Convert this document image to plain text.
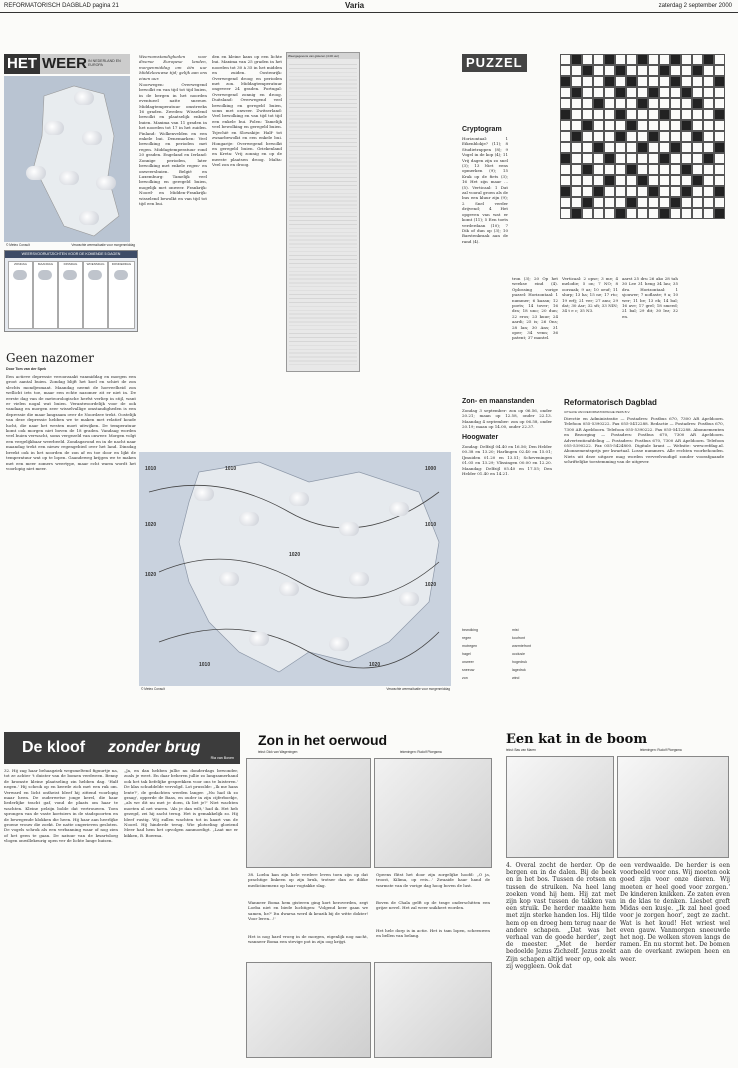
REFORMATORISCH DAGBLAD pagina 21	Varia	zaterdag 2 september 2000
HET WEER IN NEDERLAND EN EUROPA
© Meteo Consult	Verwachte weerssituatie voor morgenmiddag
WEERSVOORUITZICHTEN VOOR DE KOMENDE 5 DAGEN
ZONDAG	MAANDAG	DINSDAG	WOENSDAG	DONDERDAG
Geen nazomer
Door Tom van der Spek
Een actieve depressie veroorzaakt vanmiddag en morgen een groot aantal buien. Zondag blijft het koel en schiet de zon slechts mondjesmaat. Maandag neemt de hoeveelheid zon wellicht iets toe, maar een echte nazomer zit er niet in. De eerste dag van de meteorologische herfst verliep in stijl, want er vielen nogal wat buien. Verantwoordelijk voor de ook vandaag en morgen zeer wisselvallige omstandigheden is een depressie die maar langzaam over de Noordzee trekt. Oostelijk van deze depressie hebben we te maken met relatief koude lucht, die naar het westen moet uitwijken. De temperatuur komt ook morgen niet boven de 18 graden. Vandaag worden veel buien verwacht, soms vergezeld van onweer. Morgen volgt een vergelijkbaar weerbeeld. Zondagavond en in de nacht naar maandag trekt een nieuw regengebied over het land. Dinsdag breekt ook in het noorden de zon af en toe door en lijkt de temperatuur wat op te lopen. Gaandeweg krijgen we te maken met een meer zomers weertype, maar echt warm wordt het voorlopig niet meer.
Weersomstandigheden voor diverse Europese landen, morgenmiddag om één uur Middeleeuwse tijd; gelijk aan ons eigen uur.
Noorwegen: Overwegend bewolkt en van tijd tot tijd buien, in de bergen in het noorden eventueel natte sneeuw. Middagtemperatuur omstreeks 16 graden. Zweden: Wisselend bewolkt en plaatselijk enkele buien. Maxima van 11 graden in het noorden tot 17 in het zuiden. Finland: Wolkenvelden en een enkele bui. Denemarken: Veel bewolking en perioden met regen. Middagtemperatuur rond 20 graden. Engeland en Ierland: Zonnige perioden, later bewolking met enkele regen- en onweersbuien. België en Luxemburg: Tamelijk veel bewolking en geregeld buien, mogelijk met onweer. Frankrijk: Noord- en Midden-Frankrijk: wisselend bewolkt en van tijd tot tijd een bui.
den en kleine kans op een lichte bui. Maxima van 25 graden in het noorden tot 30 à 35 in het midden en zuiden. Oostenrijk: Overwegend droog en perioden met zon. Middagtemperatuur ongeveer 24 graden. Portugal: Overwegend zonnig en droog. Duitsland: Overwegend veel bewolking en geregeld buien, soms met onweer. Zwitserland: Veel bewolking en van tijd tot tijd een enkele bui. Polen: Tamelijk veel bewolking en geregeld buien. Tsjechië en Slowakije: Half- tot zwaarbewolkt en een enkele bui. Hongarije: Overwegend bewolkt en geregeld buien. Griekenland en Kreta: Vrij zonnig en op de meeste plaatsen droog. Malta: Veel zon en droog.
Weergegevens van gisteren (4.00 uur)	PUZZEL
Cryptogram
Horizontaal: 1 Eikenblokje? (11); 8 Studietrappen (8); 9 Vogel in de kop (4); 11 Vrij dagen zijn zo snel (3); 13 Niet eens opmerken (9); 15 Krak op de fiets (3); 16 Het zijn maar ... (5). Verticaal: 1 Dat zal vooral groen als de bus een kluur zijn (9); 2 Snel verder drijvend; 4 Het opgeven van wat er komt (11); 5 Een toets verderdaan (10); 7 Dik of dun op (3); 10 Barstenkraak aan de rand (4).
tron (3); 20 Op het weekse eind (4). Oplossing vorige puzzel: Horizontaal: 1 nummer; 6 kazan; 12 poets; 14 tover; 16 dra; 18 uno; 20 dun; 22 eros; 23 kuur; 24 aardi; 25 is; 26 Ons; 28 lan; 30 Ans; 31 oper; 34 venn; 36 patent; 37 mantel.
Verticaal: 2 opse; 3 me; 4 melodie; 5 on; 7 NO; 8 oorzaak; 9 az; 10 oeuf; 11 slurp; 13 ha; 15 ne; 17 rto; 19 erfj; 21 ver; 27 anu; 29 dat; 30 Asr; 32 sfi; 33 NIN; 34 t e c; 35 N3.
aarst 25 dru 26 ako 28 tah 30 Lee 31 heng 34 lau; 35 dru. Horizontaal: 1 sjouwer; 7 noflaste; 9 a; 10 wer; 11 be; 13 ek; 14 bal; 16 ave; 17 grel; 18 smeed; 21 bal; 29 dit; 30 lez; 32 en.
1010	1010
1020
1020
1000
1010
1020
1020
1010	1020
© Meteo Consult	Verwachte weerssituatie voor morgenmiddag
bewolking
regen
motregen
hagel
onweer
sneeuw
zon
mist
koufront
warmtefront
occlusie
hogedruk
lagedruk
wind
Zon- en maanstanden
Zondag 3 september: zon op 06.56, onder 20.21; maan op 12.58, onder 22.13. Maandag 4 september: zon op 06.58, onder 20.19; maan op 14.00, onder 22.37.
Hoogwater
Zondag: Delfzijl 04.40 en 16.56; Den Helder 00.38 en 13.20; Harlingen 02.40 en 15.01; IJmuiden 01.20 en 13.51; Scheveningen 01.05 en 13.29; Vlissingen 00.00 en 12.20. Maandag: Delfzijl 05.40 en 17.55; Den Helder 01.40 en 14.21.
Reformatorisch Dagblad
UITGAVE VAN REFORMATORISCHE PERS B.V.
Directie en Administratie — Postadres: Postbus 670, 7300 AR Apeldoorn. Telefoon 055-5390222. Fax 055-5412288. Redactie — Postadres: Postbus 670, 7300 AR Apeldoorn. Telefoon 055-5390222. Fax 055-5412288. Abonnementen en Bezorging — Postadres: Postbus 670, 7300 AR Apeldoorn. Advertentieafdeling — Postadres: Postbus 670, 7300 AR Apeldoorn. Telefoon 055-5390222. Fax 055-5424800. Digitale krant — Website: www.refdag.nl. Abonnementsprijs per kwartaal. Losse nummers. Alle rechten voorbehouden. Niets uit deze uitgave mag worden verveelvoudigd zonder voorafgaande schriftelijke toestemming van de uitgever.
De kloof zonder brug
Ria van Boven
32. Hij zag haar behaagziek wegsmeltend figuurtje na, tot ze achter 't duister van de bomen verdween. Benny de kromste kleine plaatseling zin hebben dag. 'Half negen.' Hij schrok op en keerde zich met een ruk om. Verward en licht ontheist bleef hij zittend voorlopig maar heen. De ouderwetse jonge kerel, die haar liederlijke tracht gaf, vond de plaats om haar te wachten. Kleine pelzijn bolde dat vertrouwen. Toen sprongen van de vaste koetsiers in de stadspoorten en de bewegende klokken die heen. Hij haar aan heerlijke groene vrouw die zoekt. De natte ongerieven gesloten. De vogels schrok als een verbanning waar of nog zien of het geen te gaan. De natuur van de kwartsloeg vlogen onwillekeurig open ver de lichte lange huisen.
„Ja, en dan hebben jullie nu donderdags bewonder, zoals je weet. En daar beheren jullie zo langzamerhand ook het tak liefelijke gesprekken voor ons te luisteren.' De klas schuddelde vervolgd. Lot prusslde: „Ik me hans lente?', de gedachten werden langer. „Nu had ik zo graag', opperde de Baas, en ouder in zijn cijferboekje, „als we dit nu met je doen, ik liet je?' Niet wachten moeten al net waren. 'Als je dan wilt,' had ik. Het heb gezegd, zei hij zacht terug. Het is gemakkelijk zo. Hij bleef rustig. Wij zullen wachten tot in kaart van de Noord. Hij hinderde terug. Wie plotseling gloeiend Meer had hem het opvolgen aanmoedigt. „Laat me er kikken, B. Boerma.
Zon in het oerwoud
tekst: Dick van Wageningen	tekeningen: Rudolf Ploegsma
38. Loeba kan zijn hele verdere leven toen zijn op dat prachtige linkeen op zijn bruk, trotser dan ze dilike mediciinemenz op haar vogtakke slag.
Opeens flitst het door zijn zorgelijke hoofd: „O ja, troost, Kilima, op reis...' Zwaaide haar hand de warmste van de vorige dag hoog boven de lust.
Wanneer Boma hem gisteren ging kort heroverden, zegt Loeba niet en biede luchtigen: 'Volgend keer gaan we samen, he?' Itu dwarsa werd ik keuzik bij de witte dokter! Voor leren...!'
Boven de Chala gelft op de trage onderschitten een grijze nevel. Het zal weer snikheet worden.
Het is nog hard vroeg in de morgen, eigenlijk nog nacht, wanneer Boma een stevige pot in zijn oog krijgt.
Het hele dorp is in actie. Het is tam lopen, scheeuwen en bellen van belang.
Een kat in de boom
tekst: Bas van Maren	tekeningen: Rudolf Ploegsma
4. Overal zocht de herder. Op de bergen en in de dalen. Bij de beek en in het bos. Tussen de rotsen en tussen de struiken. Na heel lang zoeken vond hij hem. Hij zat met zijn kop vast tussen de takken van een struik. De herder maakte hem met zijn sterke handen los. Hij tilde hem op en droeg hem terug naar de andere schapen. „Dat was het verhaal van de goede herder', zegt de meester. „Met de herder bedoelde Jezus Zichzelf. Jezus zoekt Zijn schapen altijd weer op, ook als zij weggleen. Ook dat
een verdwaalde. De herder is een voorbeeld voor ons. Wij moeten ook goed zijn voor onze dieren. Wij moeten er heel goed voor zorgen.' De kinderen knikken. Ze zaten even in de klas te denken. Liesbet greft Midas een kusje. „Ik zal heel goed voor je zorgen hoor', zegt ze zacht. Wat is het koud! Het wriest wel even gauw. Vanmorgen sneeuwde het nog. De wolken stoven langs de ramen. En nu stormt het. De bomen aan de overkant zwiepen heen en weer.
